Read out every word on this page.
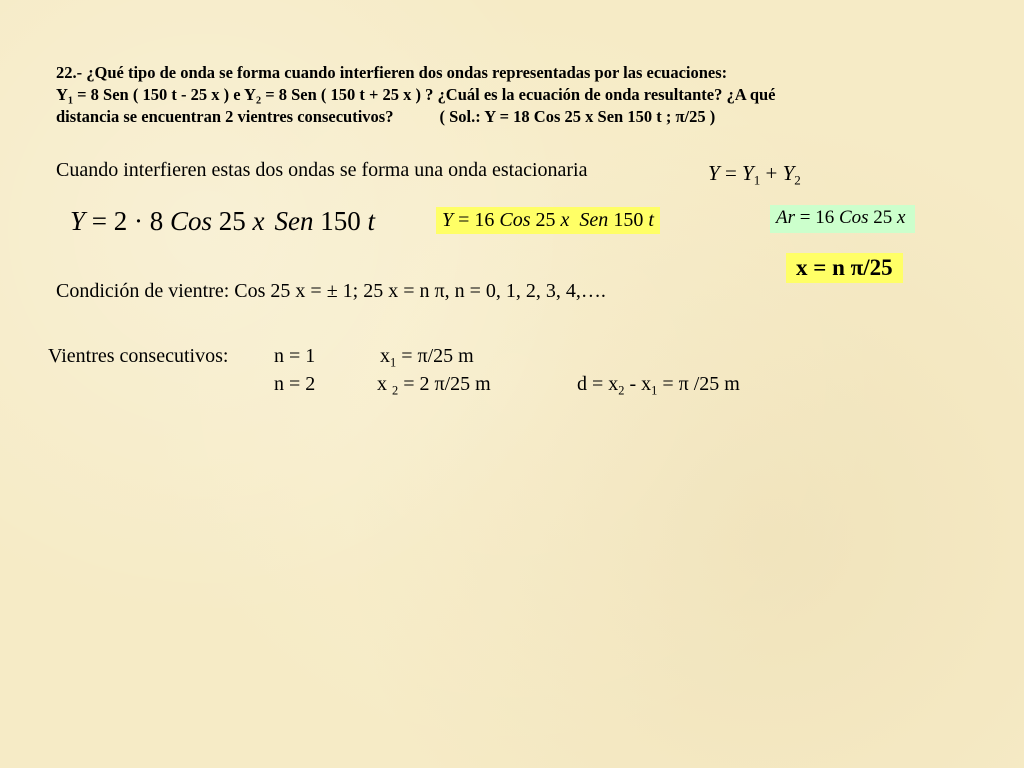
22.- ¿Qué tipo de onda se forma cuando interfieren dos ondas representadas por las ecuaciones:
$Y_1 = 8$ Sen ( 150 t - 25 x ) e $Y_2 = 8$ Sen ( 150 t + 25 x ) ? ¿Cuál es la ecuación de onda resultante? ¿A qué
distancia se encuentran 2 vientres consecutivos?	( Sol.: Y = 18 Cos 25 x Sen 150 t ; π/25 )
Cuando interfieren estas dos ondas se forma una onda estacionaria	$Y = Y_1 + Y_2$
Y = 2 · 8 Cos 25 x Sen 150 t	Y = 16 Cos 25 x Sen 150 t	Ar = 16 Cos 25 x
x = n π/25
Condición de vientre: Cos 25 x = ± 1; 25 x = n π, n = 0, 1, 2, 3, 4,….
Vientres consecutivos: n = 1	$x_1 = \pi/25$ m
n = 2	x $_2$ = 2 π/25 m	$d = x_2 - x_1 = \pi$ /25 m
